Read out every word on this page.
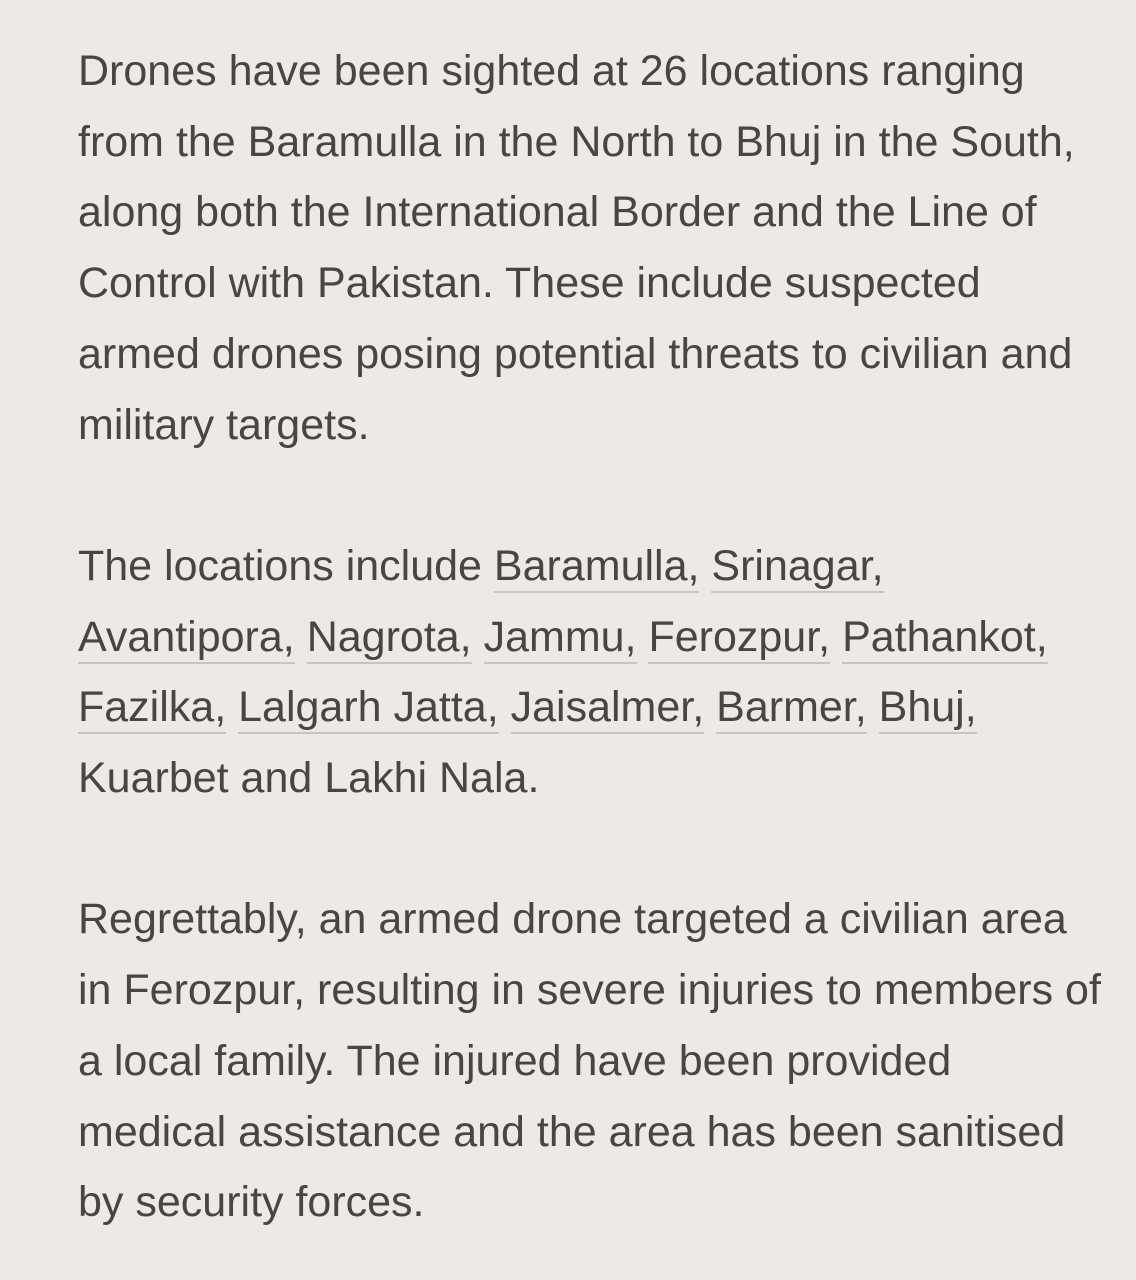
Drones have been sighted at 26 locations ranging from the Baramulla in the North to Bhuj in the South, along both the International Border and the Line of Control with Pakistan. These include suspected armed drones posing potential threats to civilian and military targets.

The locations include Baramulla, Srinagar, Avantipora, Nagrota, Jammu, Ferozpur, Pathankot, Fazilka, Lalgarh Jatta, Jaisalmer, Barmer, Bhuj, Kuarbet and Lakhi Nala.

Regrettably, an armed drone targeted a civilian area in Ferozpur, resulting in severe injuries to members of a local family. The injured have been provided medical assistance and the area has been sanitised by security forces.
